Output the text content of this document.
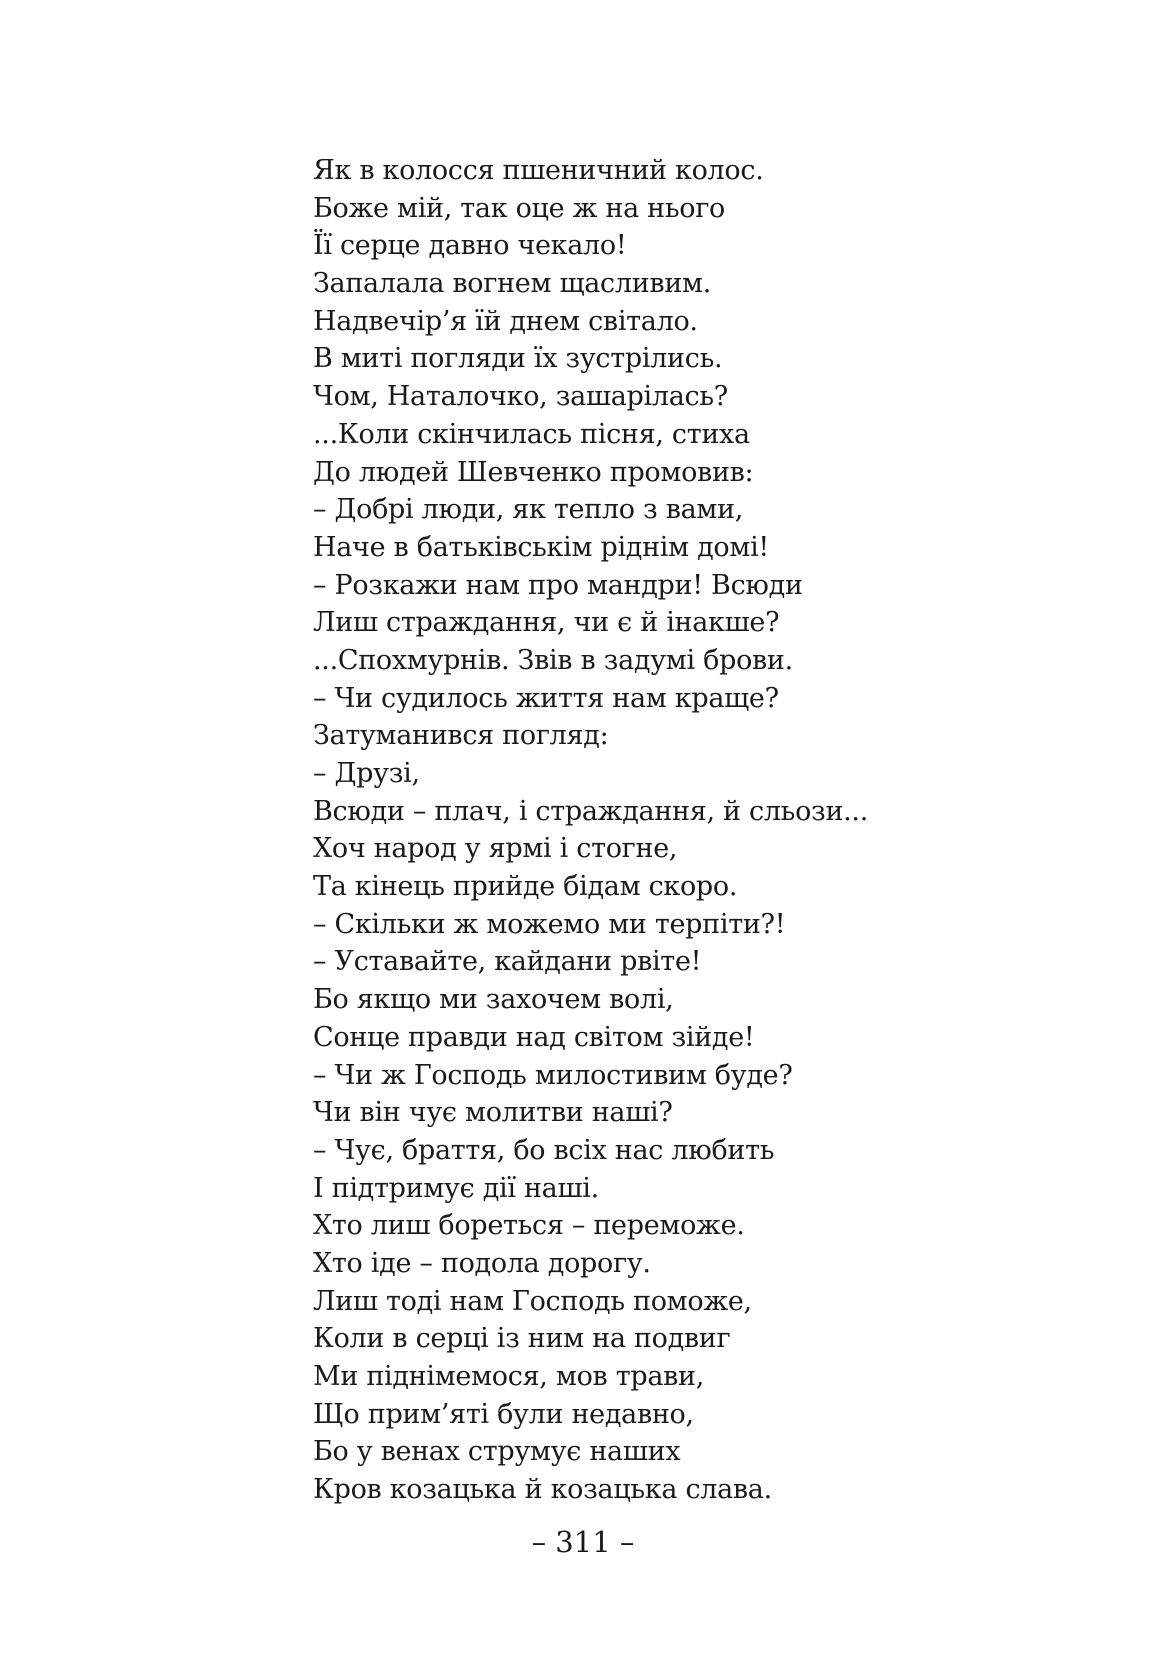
Як в колосся пшеничний колос.
Боже мій, так оце ж на нього
Її серце давно чекало!
Запалала вогнем щасливим.
Надвечір’я їй днем світало.
В миті погляди їх зустрілись.
Чом, Наталочко, зашарілась?
...Коли скінчилась пісня, стиха
До людей Шевченко промовив:
– Добрі люди, як тепло з вами,
Наче в батьківськім ріднім домі!
– Розкажи нам про мандри! Всюди
Лиш страждання, чи є й інакше?
...Спохмурнів. Звів в задумі брови.
– Чи судилось життя нам краще?
Затуманився погляд:
– Друзі,
Всюди – плач, і страждання, й сльози...
Хоч народ у ярмі і стогне,
Та кінець прийде бідам скоро.
– Скільки ж можемо ми терпіти?!
– Уставайте, кайдани рвіте!
Бо якщо ми захочем волі,
Сонце правди над світом зійде!
– Чи ж Господь милостивим буде?
Чи він чує молитви наші?
– Чує, браття, бо всіх нас любить
І підтримує дії наші.
Хто лиш бореться – переможе.
Хто іде – подола дорогу.
Лиш тоді нам Господь поможе,
Коли в серці із ним на подвиг
Ми піднімемося, мов трави,
Що прим’яті були недавно,
Бо у венах струмує наших
Кров козацька й козацька слава.
– 311 –
